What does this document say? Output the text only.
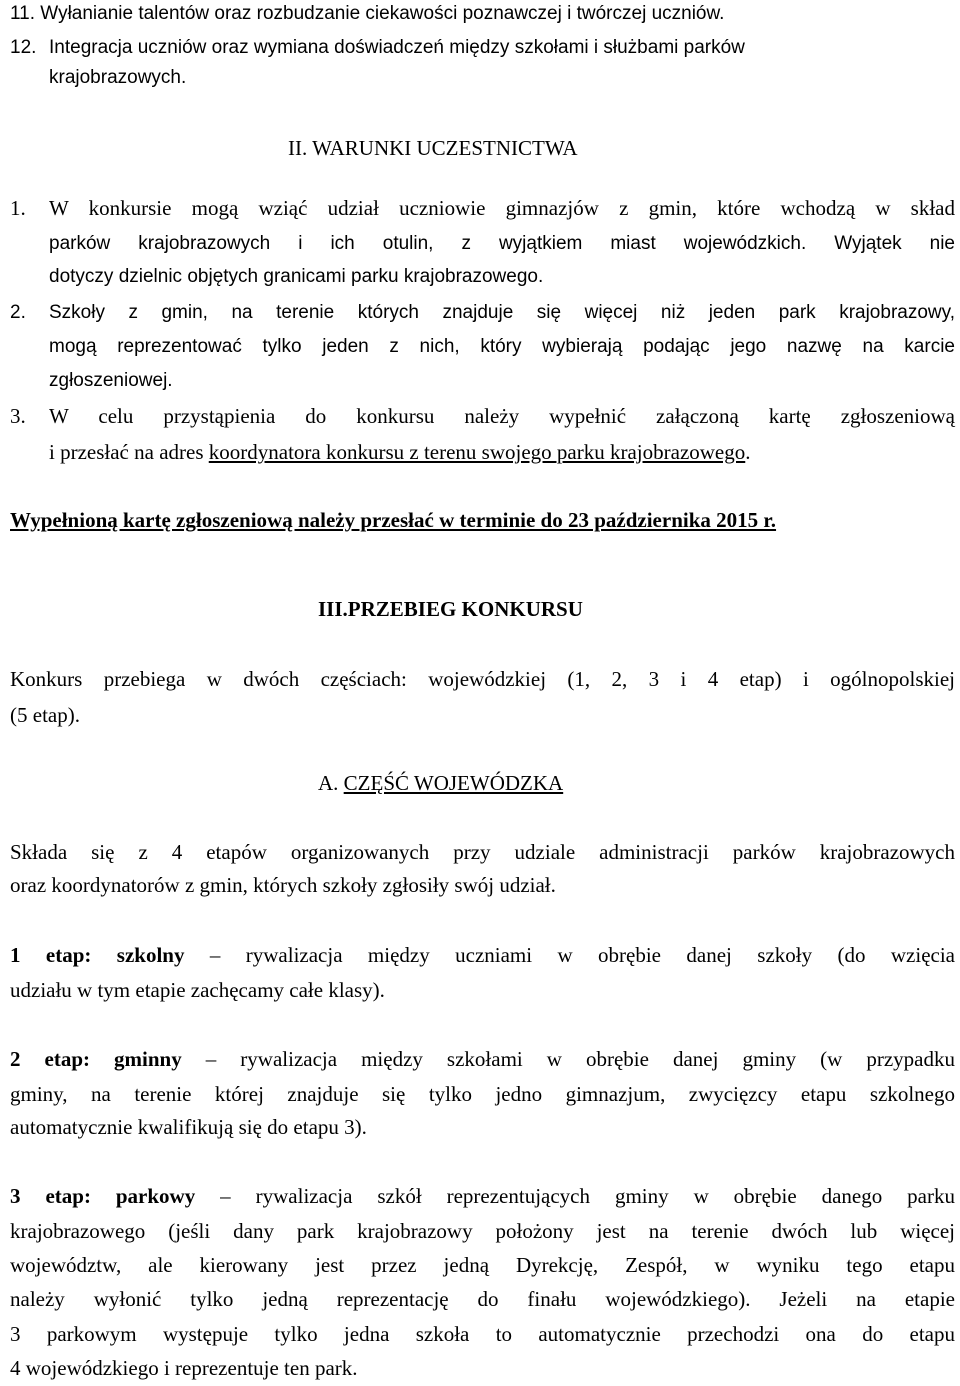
11. Wyłanianie talentów oraz rozbudzanie ciekawości poznawczej i twórczej uczniów.
12. Integracja uczniów oraz wymiana doświadczeń między szkołami i służbami parków
krajobrazowych.
II. WARUNKI UCZESTNICTWA
1. W konkursie mogą wziąć udział uczniowie gimnazjów z gmin, które wchodzą w skład
parków krajobrazowych i ich otulin, z wyjątkiem miast wojewódzkich. Wyjątek nie
dotyczy dzielnic objętych granicami parku krajobrazowego.
2. Szkoły z gmin, na terenie których znajduje się więcej niż jeden park krajobrazowy,
mogą reprezentować tylko jeden z nich, który wybierają podając jego nazwę na karcie
zgłoszeniowej.
3. W celu przystąpienia do konkursu należy wypełnić załączoną kartę zgłoszeniową
i przesłać na adres koordynatora konkursu z terenu swojego parku krajobrazowego.
Wypełnioną kartę zgłoszeniową należy przesłać w terminie do 23 października 2015 r.
III.PRZEBIEG KONKURSU
Konkurs przebiega w dwóch częściach: wojewódzkiej (1, 2, 3 i 4 etap) i ogólnopolskiej
(5 etap).
A. CZĘŚĆ WOJEWÓDZKA
Składa się z 4 etapów organizowanych przy udziale administracji parków krajobrazowych
oraz koordynatorów z gmin, których szkoły zgłosiły swój udział.
1 etap: szkolny – rywalizacja między uczniami w obrębie danej szkoły (do wzięcia
udziału w tym etapie zachęcamy całe klasy).
2 etap: gminny – rywalizacja między szkołami w obrębie danej gminy (w przypadku
gminy, na terenie której znajduje się tylko jedno gimnazjum, zwycięzcy etapu szkolnego
automatycznie kwalifikują się do etapu 3).
3 etap: parkowy – rywalizacja szkół reprezentujących gminy w obrębie danego parku
krajobrazowego (jeśli dany park krajobrazowy położony jest na terenie dwóch lub więcej
województw, ale kierowany jest przez jedną Dyrekcję, Zespół, w wyniku tego etapu
należy wyłonić tylko jedną reprezentację do finału wojewódzkiego). Jeżeli na etapie
3 parkowym występuje tylko jedna szkoła to automatycznie przechodzi ona do etapu
4 wojewódzkiego i reprezentuje ten park.
